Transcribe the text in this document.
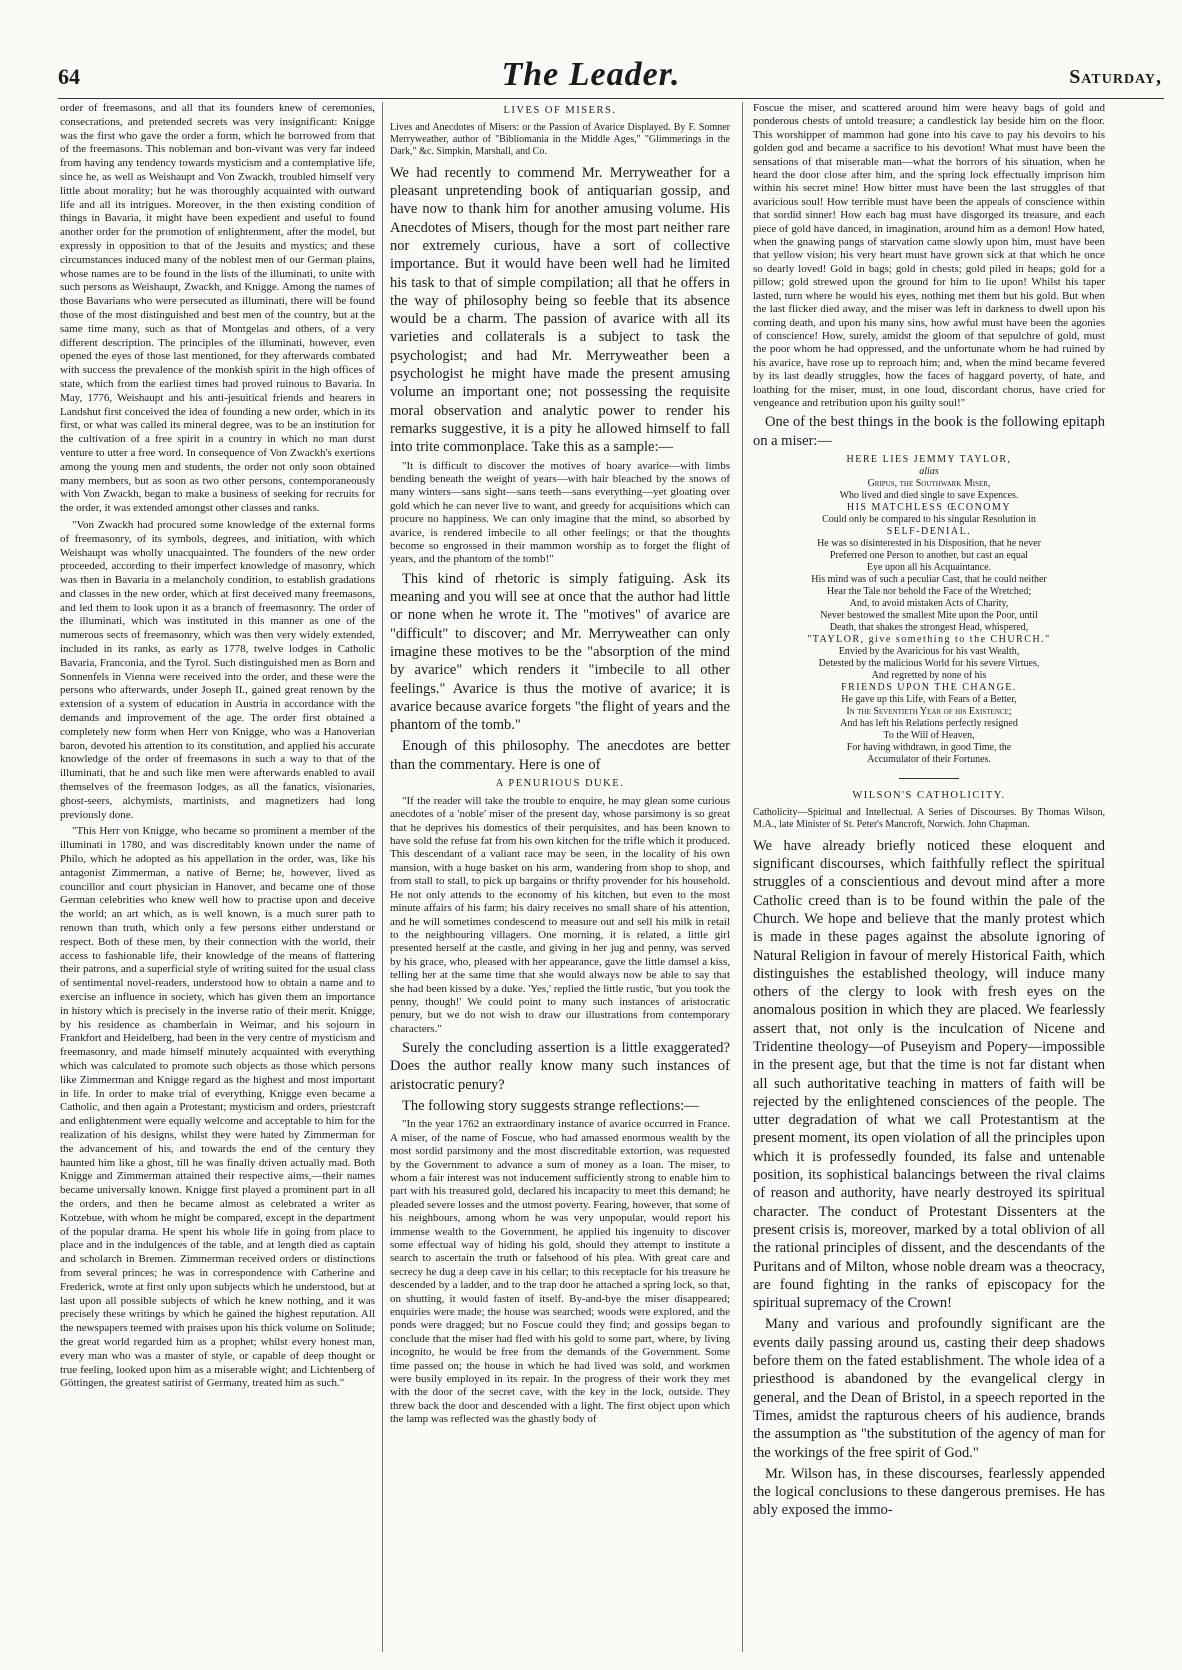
64	The Leader.	Saturday,

order of freemasons, and all that its founders knew of ceremonies, consecrations, and pretended secrets was very insignificant: Knigge was the first who gave the order a form, which he borrowed from that of the freemasons. This nobleman and bon-vivant was very far indeed from having any tendency towards mysticism and a contemplative life, since he, as well as Weishaupt and Von Zwackh, troubled himself very little about morality; but he was thoroughly acquainted with outward life and all its intrigues. Moreover, in the then existing condition of things in Bavaria, it might have been expedient and useful to found another order for the promotion of enlightenment, after the model, but expressly in opposition to that of the Jesuits and mystics; and these circumstances induced many of the noblest men of our German plains, whose names are to be found in the lists of the illuminati, to unite with such persons as Weishaupt, Zwackh, and Knigge. Among the names of those Bavarians who were persecuted as illuminati, there will be found those of the most distinguished and best men of the country, but at the same time many, such as that of Montgelas and others, of a very different description. The principles of the illuminati, however, even opened the eyes of those last mentioned, for they afterwards combated with success the prevalence of the monkish spirit in the high offices of state, which from the earliest times had proved ruinous to Bavaria. In May, 1776, Weishaupt and his anti-jesuitical friends and hearers in Landshut first conceived the idea of founding a new order, which in its first, or what was called its mineral degree, was to be an institution for the cultivation of a free spirit in a country in which no man durst venture to utter a free word. In consequence of Von Zwackh's exertions among the young men and students, the order not only soon obtained many members, but as soon as two other persons, contemporaneously with Von Zwackh, began to make a business of seeking for recruits for the order, it was extended amongst other classes and ranks.

"Von Zwackh had procured some knowledge of the external forms of freemasonry, of its symbols, degrees, and initiation, with which Weishaupt was wholly unacquainted. The founders of the new order proceeded, according to their imperfect knowledge of masonry, which was then in Bavaria in a melancholy condition, to establish gradations and classes in the new order, which at first deceived many freemasons, and led them to look upon it as a branch of freemasonry. The order of the illuminati, which was instituted in this manner as one of the numerous sects of freemasonry, which was then very widely extended, included in its ranks, as early as 1778, twelve lodges in Catholic Bavaria, Franconia, and the Tyrol. Such distinguished men as Born and Sonnenfels in Vienna were received into the order, and these were the persons who afterwards, under Joseph II., gained great renown by the extension of a system of education in Austria in accordance with the demands and improvement of the age. The order first obtained a completely new form when Herr von Knigge, who was a Hanoverian baron, devoted his attention to its constitution, and applied his accurate knowledge of the order of freemasons in such a way to that of the illuminati, that he and such like men were afterwards enabled to avail themselves of the freemason lodges, as all the fanatics, visionaries, ghost-seers, alchymists, martinists, and magnetizers had long previously done.

"This Herr von Knigge, who became so prominent a member of the illuminati in 1780, and was discreditably known under the name of Philo, which he adopted as his appellation in the order, was, like his antagonist Zimmerman, a native of Berne; he, however, lived as councillor and court physician in Hanover, and became one of those German celebrities who knew well how to practise upon and deceive the world; an art which, as is well known, is a much surer path to renown than truth, which only a few persons either understand or respect. Both of these men, by their connection with the world, their access to fashionable life, their knowledge of the means of flattering their patrons, and a superficial style of writing suited for the usual class of sentimental novel-readers, understood how to obtain a name and to exercise an influence in society, which has given them an importance in history which is precisely in the inverse ratio of their merit. Knigge, by his residence as chamberlain in Weimar, and his sojourn in Frankfort and Heidelberg, had been in the very centre of mysticism and freemasonry, and made himself minutely acquainted with everything which was calculated to promote such objects as those which persons like Zimmerman and Knigge regard as the highest and most important in life. In order to make trial of everything, Knigge even became a Catholic, and then again a Protestant; mysticism and orders, priestcraft and enlightenment were equally welcome and acceptable to him for the realization of his designs, whilst they were hated by Zimmerman for the advancement of his, and towards the end of the century they haunted him like a ghost, till he was finally driven actually mad. Both Knigge and Zimmerman attained their respective aims,—their names became universally known. Knigge first played a prominent part in all the orders, and then he became almost as celebrated a writer as Kotzebue, with whom he might be compared, except in the department of the popular drama. He spent his whole life in going from place to place and in the indulgences of the table, and at length died as captain and scholarch in Bremen. Zimmerman received orders or distinctions from several princes; he was in correspondence with Catherine and Frederick, wrote at first only upon subjects which he understood, but at last upon all possible subjects of which he knew nothing, and it was precisely these writings by which he gained the highest reputation. All the newspapers teemed with praises upon his thick volume on Solitude; the great world regarded him as a prophet; whilst every honest man, every man who was a master of style, or capable of deep thought or true feeling, looked upon him as a miserable wight; and Lichtenberg of Göttingen, the greatest satirist of Germany, treated him as such."

LIVES OF MISERS.

Lives and Anecdotes of Misers: or the Passion of Avarice Displayed. By F. Somner Merryweather, author of "Bibliomania in the Middle Ages," "Glimmerings in the Dark," &c. Simpkin, Marshall, and Co.

We had recently to commend Mr. Merryweather for a pleasant unpretending book of antiquarian gossip, and have now to thank him for another amusing volume. His Anecdotes of Misers, though for the most part neither rare nor extremely curious, have a sort of collective importance. But it would have been well had he limited his task to that of simple compilation; all that he offers in the way of philosophy being so feeble that its absence would be a charm. The passion of avarice with all its varieties and collaterals is a subject to task the psychologist; and had Mr. Merryweather been a psychologist he might have made the present amusing volume an important one; not possessing the requisite moral observation and analytic power to render his remarks suggestive, it is a pity he allowed himself to fall into trite commonplace. Take this as a sample:—

"It is difficult to discover the motives of hoary avarice—with limbs bending beneath the weight of years—with hair bleached by the snows of many winters—sans sight—sans teeth—sans everything—yet gloating over gold which he can never live to want, and greedy for acquisitions which can procure no happiness. We can only imagine that the mind, so absorbed by avarice, is rendered imbecile to all other feelings; or that the thoughts become so engrossed in their mammon worship as to forget the flight of years, and the phantom of the tomb!"

This kind of rhetoric is simply fatiguing. Ask its meaning and you will see at once that the author had little or none when he wrote it. The "motives" of avarice are "difficult" to discover; and Mr. Merryweather can only imagine these motives to be the "absorption of the mind by avarice" which renders it "imbecile to all other feelings." Avarice is thus the motive of avarice; it is avarice because avarice forgets "the flight of years and the phantom of the tomb."

Enough of this philosophy. The anecdotes are better than the commentary. Here is one of

A PENURIOUS DUKE.

"If the reader will take the trouble to enquire, he may glean some curious anecdotes of a 'noble' miser of the present day, whose parsimony is so great that he deprives his domestics of their perquisites, and has been known to have sold the refuse fat from his own kitchen for the trifle which it produced. This descendant of a valiant race may be seen, in the locality of his own mansion, with a huge basket on his arm, wandering from shop to shop, and from stall to stall, to pick up bargains or thrifty provender for his household. He not only attends to the economy of his kitchen, but even to the most minute affairs of his farm; his dairy receives no small share of his attention, and he will sometimes condescend to measure out and sell his milk in retail to the neighbouring villagers. One morning, it is related, a little girl presented herself at the castle, and giving in her jug and penny, was served by his grace, who, pleased with her appearance, gave the little damsel a kiss, telling her at the same time that she would always now be able to say that she had been kissed by a duke. 'Yes,' replied the little rustic, 'but you took the penny, though!' We could point to many such instances of aristocratic penury, but we do not wish to draw our illustrations from contemporary characters."

Surely the concluding assertion is a little exaggerated? Does the author really know many such instances of aristocratic penury?

The following story suggests strange reflections:—

"In the year 1762 an extraordinary instance of avarice occurred in France. A miser, of the name of Foscue, who had amassed enormous wealth by the most sordid parsimony and the most discreditable extortion, was requested by the Government to advance a sum of money as a loan. The miser, to whom a fair interest was not inducement sufficiently strong to enable him to part with his treasured gold, declared his incapacity to meet this demand; he pleaded severe losses and the utmost poverty. Fearing, however, that some of his neighbours, among whom he was very unpopular, would report his immense wealth to the Government, he applied his ingenuity to discover some effectual way of hiding his gold, should they attempt to institute a search to ascertain the truth or falsehood of his plea. With great care and secrecy he dug a deep cave in his cellar; to this receptacle for his treasure he descended by a ladder, and to the trap door he attached a spring lock, so that, on shutting, it would fasten of itself. By-and-bye the miser disappeared; enquiries were made; the house was searched; woods were explored, and the ponds were dragged; but no Foscue could they find; and gossips began to conclude that the miser had fled with his gold to some part, where, by living incognito, he would be free from the demands of the Government. Some time passed on; the house in which he had lived was sold, and workmen were busily employed in its repair. In the progress of their work they met with the door of the secret cave, with the key in the lock, outside. They threw back the door and descended with a light. The first object upon which the lamp was reflected was the ghastly body of

Foscue the miser, and scattered around him were heavy bags of gold and ponderous chests of untold treasure; a candlestick lay beside him on the floor. This worshipper of mammon had gone into his cave to pay his devoirs to his golden god and became a sacrifice to his devotion! What must have been the sensations of that miserable man—what the horrors of his situation, when he heard the door close after him, and the spring lock effectually imprison him within his secret mine! How bitter must have been the last struggles of that avaricious soul! How terrible must have been the appeals of conscience within that sordid sinner! How each bag must have disgorged its treasure, and each piece of gold have danced, in imagination, around him as a demon! How hated, when the gnawing pangs of starvation came slowly upon him, must have been that yellow vision; his very heart must have grown sick at that which he once so dearly loved! Gold in bags; gold in chests; gold piled in heaps; gold for a pillow; gold strewed upon the ground for him to lie upon! Whilst his taper lasted, turn where he would his eyes, nothing met them but his gold. But when the last flicker died away, and the miser was left in darkness to dwell upon his coming death, and upon his many sins, how awful must have been the agonies of conscience! How, surely, amidst the gloom of that sepulchre of gold, must the poor whom he had oppressed, and the unfortunate whom he had ruined by his avarice, have rose up to reproach him; and, when the mind became fevered by its last deadly struggles, how the faces of haggard poverty, of hate, and loathing for the miser, must, in one loud, discordant chorus, have cried for vengeance and retribution upon his guilty soul!"

One of the best things in the book is the following epitaph on a miser:—

HERE LIES JEMMY TAYLOR,
alias
Gripus, the Southwark Miser,
Who lived and died single to save Expences.
HIS MATCHLESS ŒCONOMY
Could only be compared to his singular Resolution in
SELF-DENIAL.
He was so disinterested in his Disposition, that he never
Preferred one Person to another, but cast an equal
Eye upon all his Acquaintance.
His mind was of such a peculiar Cast, that he could neither
Hear the Tale nor behold the Face of the Wretched;
And, to avoid mistaken Acts of Charity,
Never bestowed the smallest Mite upon the Poor, until
Death, that shakes the strongest Head, whispered,
"TAYLOR, give something to the CHURCH."
Envied by the Avaricious for his vast Wealth,
Detested by the malicious World for his severe Virtues,
And regretted by none of his
FRIENDS UPON THE CHANGE.
He gave up this Life, with Fears of a Better,
In the Seventieth Year of his Existence;
And has left his Relations perfectly resigned
To the Will of Heaven,
For having withdrawn, in good Time, the
Accumulator of their Fortunes.
WILSON'S CATHOLICITY.

Catholicity—Spiritual and Intellectual. A Series of Discourses. By Thomas Wilson, M.A., late Minister of St. Peter's Mancroft, Norwich. John Chapman.

We have already briefly noticed these eloquent and significant discourses, which faithfully reflect the spiritual struggles of a conscientious and devout mind after a more Catholic creed than is to be found within the pale of the Church. We hope and believe that the manly protest which is made in these pages against the absolute ignoring of Natural Religion in favour of merely Historical Faith, which distinguishes the established theology, will induce many others of the clergy to look with fresh eyes on the anomalous position in which they are placed. We fearlessly assert that, not only is the inculcation of Nicene and Tridentine theology—of Puseyism and Popery—impossible in the present age, but that the time is not far distant when all such authoritative teaching in matters of faith will be rejected by the enlightened consciences of the people. The utter degradation of what we call Protestantism at the present moment, its open violation of all the principles upon which it is professedly founded, its false and untenable position, its sophistical balancings between the rival claims of reason and authority, have nearly destroyed its spiritual character. The conduct of Protestant Dissenters at the present crisis is, moreover, marked by a total oblivion of all the rational principles of dissent, and the descendants of the Puritans and of Milton, whose noble dream was a theocracy, are found fighting in the ranks of episcopacy for the spiritual supremacy of the Crown!

Many and various and profoundly significant are the events daily passing around us, casting their deep shadows before them on the fated establishment. The whole idea of a priesthood is abandoned by the evangelical clergy in general, and the Dean of Bristol, in a speech reported in the Times, amidst the rapturous cheers of his audience, brands the assumption as "the substitution of the agency of man for the workings of the free spirit of God."

Mr. Wilson has, in these discourses, fearlessly appended the logical conclusions to these dangerous premises. He has ably exposed the immo-
